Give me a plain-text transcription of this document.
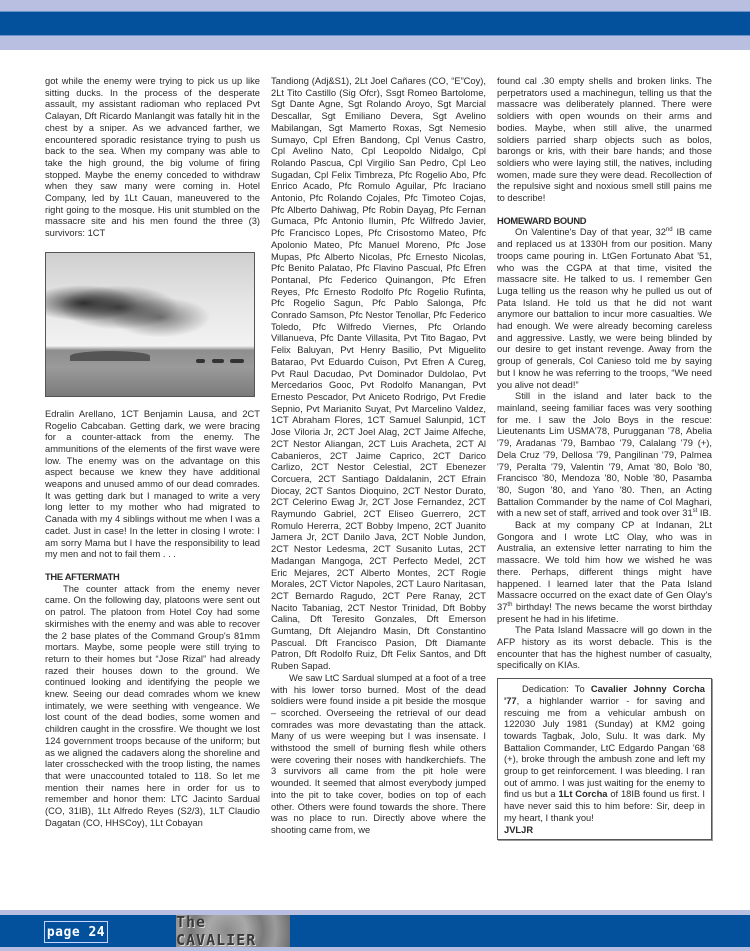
got while the enemy were trying to pick us up like sitting ducks. In the process of the desperate assault, my assistant radioman who replaced Pvt Calayan, Dft Ricardo Manlangit was fatally hit in the chest by a sniper. As we advanced farther, we encountered sporadic resistance trying to push us back to the sea. When my company was able to take the high ground, the big volume of firing stopped. Maybe the enemy conceded to withdraw when they saw many were coming in. Hotel Company, led by 1Lt Cauan, maneuvered to the right going to the mosque. His unit stumbled on the massacre site and his men found the three (3) survivors: 1CT

Edralin Arellano, 1CT Benjamin Lausa, and 2CT Rogelio Cabcaban. Getting dark, we were bracing for a counter-attack from the enemy. The ammunitions of the elements of the first wave were low. The enemy was on the advantage on this aspect because we knew they have additional weapons and unused ammo of our dead comrades. It was getting dark but I managed to write a very long letter to my mother who had migrated to Canada with my 4 siblings without me when I was a cadet. Just in case! In the letter in closing I wrote: I am sorry Mama but I have the responsibility to lead my men and not to fail them . . .

THE AFTERMATH

The counter attack from the enemy never came. On the following day, platoons were sent out on patrol. The platoon from Hotel Coy had some skirmishes with the enemy and was able to recover the 2 base plates of the Command Group's 81mm mortars. Maybe, some people were still trying to return to their homes but “Jose Rizal” had already razed their houses down to the ground. We continued looking and identifying the people we knew. Seeing our dead comrades whom we knew intimately, we were seething with vengeance. We lost count of the dead bodies, some women and children caught in the crossfire. We thought we lost 124 government troops because of the uniform; but as we aligned the cadavers along the shoreline and later crosschecked with the troop listing, the names that were unaccounted totaled to 118. So let me mention their names here in order for us to remember and honor them: LTC Jacinto Sardual (CO, 31IB), 1Lt Alfredo Reyes (S2/3), 1LT Claudio Dagatan (CO, HHSCoy), 1Lt Cobayan

Tandiong (Adj&S1), 2Lt Joel Cañares (CO, “E”Coy), 2Lt Tito Castillo (Sig Ofcr), Ssgt Romeo Bartolome, Sgt Dante Agne, Sgt Rolando Aroyo, Sgt Marcial Descallar, Sgt Emiliano Devera, Sgt Avelino Mabilangan, Sgt Mamerto Roxas, Sgt Nemesio Sumayo, Cpl Efren Bandong, Cpl Venus Castro, Cpl Avelino Nato, Cpl Leopoldo Nidalgo, Cpl Rolando Pascua, Cpl Virgilio San Pedro, Cpl Leo Sugadan, Cpl Felix Timbreza, Pfc Rogelio Abo, Pfc Enrico Acado, Pfc Romulo Aguilar, Pfc Iraciano Antonio, Pfc Rolando Cojales, Pfc Timoteo Cojas, Pfc Alberto Dahiwag, Pfc Robin Dayag, Pfc Fernan Gumaca, Pfc Antonio Ilumin, Pfc Wilfredo Javier, Pfc Francisco Lopes, Pfc Crisostomo Mateo, Pfc Apolonio Mateo, Pfc Manuel Moreno, Pfc Jose Mupas, Pfc Alberto Nicolas, Pfc Ernesto Nicolas, Pfc Benito Palatao, Pfc Flavino Pascual, Pfc Efren Pontanal, Pfc Federico Quinangon, Pfc Efren Reyes, Pfc Ernesto Rodolfo Pfc Rogelio Rufinta, Pfc Rogelio Sagun, Pfc Pablo Salonga, Pfc Conrado Samson, Pfc Nestor Tenollar, Pfc Federico Toledo, Pfc Wilfredo Viernes, Pfc Orlando Villanueva, Pfc Dante Villasita, Pvt Tito Bagao, Pvt Felix Baluyan, Pvt Henry Basilio, Pvt Miguelito Batarao, Pvt Eduardo Cuison, Pvt Efren A Cureg, Pvt Raul Dacudao, Pvt Dominador Duldolao, Pvt Mercedarios Gooc, Pvt Rodolfo Manangan, Pvt Ernesto Pescador, Pvt Aniceto Rodrigo, Pvt Fredie Sepnio, Pvt Marianito Suyat, Pvt Marcelino Valdez, 1CT Abraham Flores, 1CT Samuel Salunpid, 1CT Jose Viloria Jr, 2CT Joel Alag, 2CT Jaime Alfeche, 2CT Nestor Aliangan, 2CT Luis Aracheta, 2CT Al Cabanieros, 2CT Jaime Caprico, 2CT Darico Carlizo, 2CT Nestor Celestial, 2CT Ebenezer Corcuera, 2CT Santiago Daldalanin, 2CT Efrain Diocay, 2CT Santos Dioquino, 2CT Nestor Durato, 2CT Celerino Ewag Jr, 2CT Jose Fernandez, 2CT Raymundo Gabriel, 2CT Eliseo Guerrero, 2CT Romulo Hererra, 2CT Bobby Impeno, 2CT Juanito Jamera Jr, 2CT Danilo Java, 2CT Noble Jundon, 2CT Nestor Ledesma, 2CT Susanito Lutas, 2CT Madangan Mangoga, 2CT Perfecto Medel, 2CT Eric Mejares, 2CT Alberto Montes, 2CT Rogie Morales, 2CT Victor Napoles, 2CT Lauro Naritasan, 2CT Bernardo Ragudo, 2CT Pere Ranay, 2CT Nacito Tabaniag, 2CT Nestor Trinidad, Dft Bobby Calina, Dft Teresito Gonzales, Dft Emerson Gumtang, Dft Alejandro Masin, Dft Constantino Pascual. Dft Francisco Pasion, Dft Diamante Patron, Dft Rodolfo Ruiz, Dft Felix Santos, and Dft Ruben Sapad.

We saw LtC Sardual slumped at a foot of a tree with his lower torso burned. Most of the dead soldiers were found inside a pit beside the mosque – scorched. Overseeing the retrieval of our dead comrades was more devastating than the attack. Many of us were weeping but I was insensate. I withstood the smell of burning flesh while others were covering their noses with handkerchiefs. The 3 survivors all came from the pit hole were wounded. It seemed that almost everybody jumped into the pit to take cover, bodies on top of each other. Others were found towards the shore. There was no place to run. Directly above where the shooting came from, we

found cal .30 empty shells and broken links. The perpetrators used a machinegun, telling us that the massacre was deliberately planned. There were soldiers with open wounds on their arms and bodies. Maybe, when still alive, the unarmed soldiers parried sharp objects such as bolos, barongs or kris, with their bare hands; and those soldiers who were laying still, the natives, including women, made sure they were dead. Recollection of the repulsive sight and noxious smell still pains me to describe!

HOMEWARD BOUND

On Valentine's Day of that year, 32nd IB came and replaced us at 1330H from our position. Many troops came pouring in. LtGen Fortunato Abat '51, who was the CGPA at that time, visited the massacre site. He talked to us. I remember Gen Luga telling us the reason why he pulled us out of Pata Island. He told us that he did not want anymore our battalion to incur more casualties. We had enough. We were already becoming careless and aggressive. Lastly, we were being blinded by our desire to get instant revenge. Away from the group of generals, Col Canieso told me by saying but I know he was referring to the troops, “We need you alive not dead!”

Still in the island and later back to the mainland, seeing familiar faces was very soothing for me. I saw the Jolo Boys in the rescue: Lieutenants Lim USMA'78, Purugganan '78, Abelia '79, Aradanas '79, Bambao '79, Calalang '79 (+), Dela Cruz '79, Dellosa '79, Pangilinan '79, Palmea '79, Peralta '79, Valentin '79, Amat '80, Bolo '80, Francisco '80, Mendoza '80, Noble '80, Pasamba '80, Sugon '80, and Yano '80. Then, an Acting Battalion Commander by the name of Col Maghari, with a new set of staff, arrived and took over 31st IB.

Back at my company CP at Indanan, 2Lt Gongora and I wrote LtC Olay, who was in Australia, an extensive letter narrating to him the massacre. We told him how we wished he was there. Perhaps, different things might have happened. I learned later that the Pata Island Massacre occurred on the exact date of Gen Olay's 37th birthday! The news became the worst birthday present he had in his lifetime.

The Pata Island Massacre will go down in the AFP history as its worst debacle. This is the encounter that has the highest number of casualty, specifically on KIAs.

Dedication: To Cavalier Johnny Corcha '77, a highlander warrior - for saving and rescuing me from a vehicular ambush on 122030 July 1981 (Sunday) at KM2 going towards Tagbak, Jolo, Sulu. It was dark. My Battalion Commander, LtC Edgardo Pangan '68 (+), broke through the ambush zone and left my group to get reinforcement. I was bleeding. I ran out of ammo. I was just waiting for the enemy to find us but a 1Lt Corcha of 18IB found us first. I have never said this to him before: Sir, deep in my heart, I thank you!

JVLJR

page 24
The CAVALIER
